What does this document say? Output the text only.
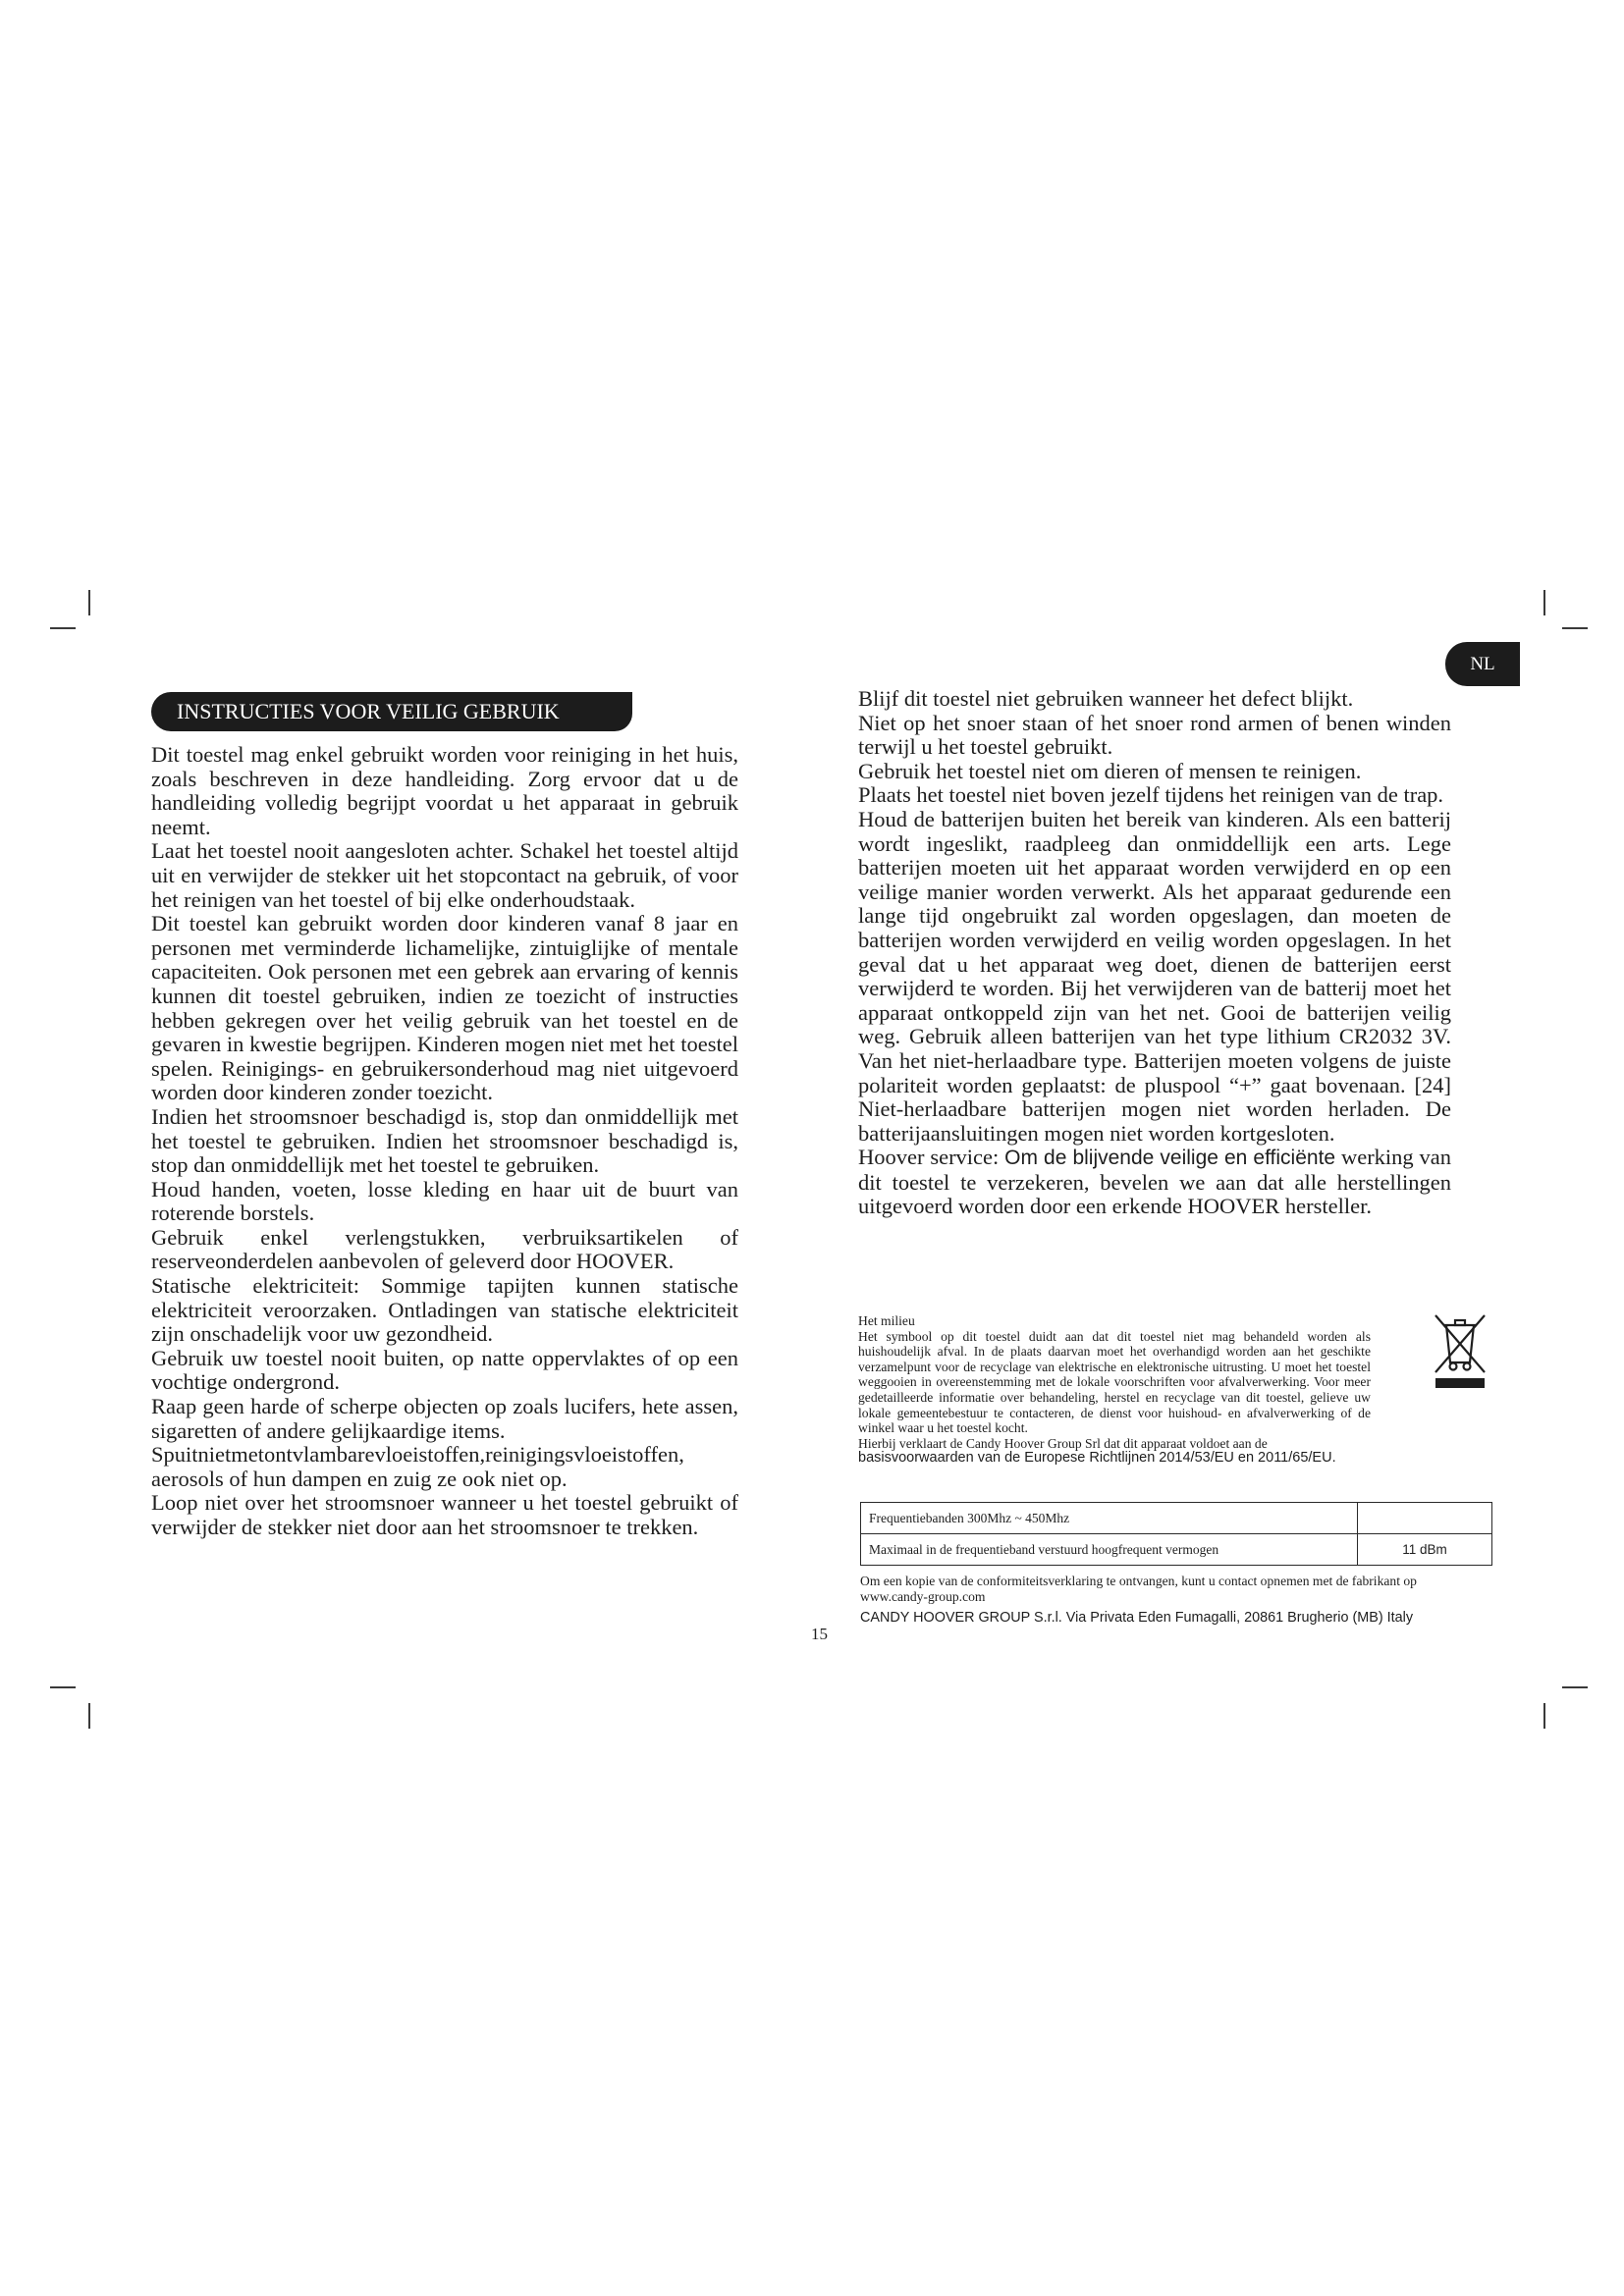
NL
INSTRUCTIES VOOR VEILIG GEBRUIK

Dit toestel mag enkel gebruikt worden voor reiniging in het huis, zoals beschreven in deze handleiding. Zorg ervoor dat u de handleiding volledig begrijpt voordat u het apparaat in gebruik neemt.

Laat het toestel nooit aangesloten achter. Schakel het toestel altijd uit en verwijder de stekker uit het stopcontact na gebruik, of voor het reinigen van het toestel of bij elke onderhoudstaak.

Dit toestel kan gebruikt worden door kinderen vanaf 8 jaar en personen met verminderde lichamelijke, zintuiglijke of mentale capaciteiten. Ook personen met een gebrek aan ervaring of kennis kunnen dit toestel gebruiken, indien ze toezicht of instructies hebben gekregen over het veilig gebruik van het toestel en de gevaren in kwestie begrijpen. Kinderen mogen niet met het toestel spelen. Reinigings- en gebruikersonderhoud mag niet uitgevoerd worden door kinderen zonder toezicht.

Indien het stroomsnoer beschadigd is, stop dan onmiddellijk met het toestel te gebruiken. Indien het stroomsnoer beschadigd is, stop dan onmiddellijk met het toestel te gebruiken.

Houd handen, voeten, losse kleding en haar uit de buurt van roterende borstels.

Gebruik enkel verlengstukken, verbruiksartikelen of reserveonderdelen aanbevolen of geleverd door HOOVER.

Statische elektriciteit: Sommige tapijten kunnen statische elektriciteit veroorzaken. Ontladingen van statische elektriciteit zijn onschadelijk voor uw gezondheid.

Gebruik uw toestel nooit buiten, op natte oppervlaktes of op een vochtige ondergrond.

Raap geen harde of scherpe objecten op zoals lucifers, hete assen, sigaretten of andere gelijkaardige items.

Spuitnietmetontvlambarevloeistoffen,reinigingsvloeistoffen, aerosols of hun dampen en zuig ze ook niet op.

Loop niet over het stroomsnoer wanneer u het toestel gebruikt of verwijder de stekker niet door aan het stroomsnoer te trekken.

Blijf dit toestel niet gebruiken wanneer het defect blijkt.

Niet op het snoer staan of het snoer rond armen of benen winden terwijl u het toestel gebruikt.

Gebruik het toestel niet om dieren of mensen te reinigen.

Plaats het toestel niet boven jezelf tijdens het reinigen van de trap.

Houd de batterijen buiten het bereik van kinderen. Als een batterij wordt ingeslikt, raadpleeg dan onmiddellijk een arts. Lege batterijen moeten uit het apparaat worden verwijderd en op een veilige manier worden verwerkt. Als het apparaat gedurende een lange tijd ongebruikt zal worden opgeslagen, dan moeten de batterijen worden verwijderd en veilig worden opgeslagen. In het geval dat u het apparaat weg doet, dienen de batterijen eerst verwijderd te worden. Bij het verwijderen van de batterij moet het apparaat ontkoppeld zijn van het net. Gooi de batterijen veilig weg. Gebruik alleen batterijen van het type lithium CR2032 3V. Van het niet-herlaadbare type. Batterijen moeten volgens de juiste polariteit worden geplaatst: de pluspool “+” gaat bovenaan. [24] Niet-herlaadbare batterijen mogen niet worden herladen. De batterijaansluitingen mogen niet worden kortgesloten.

Hoover service: Om de blijvende veilige en efficiënte werking van dit toestel te verzekeren, bevelen we aan dat alle herstellingen uitgevoerd worden door een erkende HOOVER hersteller.

Het milieu

Het symbool op dit toestel duidt aan dat dit toestel niet mag behandeld worden als huishoudelijk afval. In de plaats daarvan moet het overhandigd worden aan het geschikte verzamelpunt voor de recyclage van elektrische en elektronische uitrusting. U moet het toestel weggooien in overeenstemming met de lokale voorschriften voor afvalverwerking. Voor meer gedetailleerde informatie over behandeling, herstel en recyclage van dit toestel, gelieve uw lokale gemeentebestuur te contacteren, de dienst voor huishoud- en afvalverwerking of de winkel waar u het toestel kocht.

Hierbij verklaart de Candy Hoover Group Srl dat dit apparaat voldoet aan de

basisvoorwaarden van de Europese Richtlijnen 2014/53/EU en 2011/65/EU.

Frequentiebanden 300Mhz ~ 450Mhz	
Maximaal in de frequentieband verstuurd hoogfrequent vermogen	11 dBm

Om een kopie van de conformiteitsverklaring te ontvangen, kunt u contact opnemen met de fabrikant op www.candy-group.com

CANDY HOOVER GROUP S.r.l. Via Privata Eden Fumagalli, 20861 Brugherio (MB) Italy

15
